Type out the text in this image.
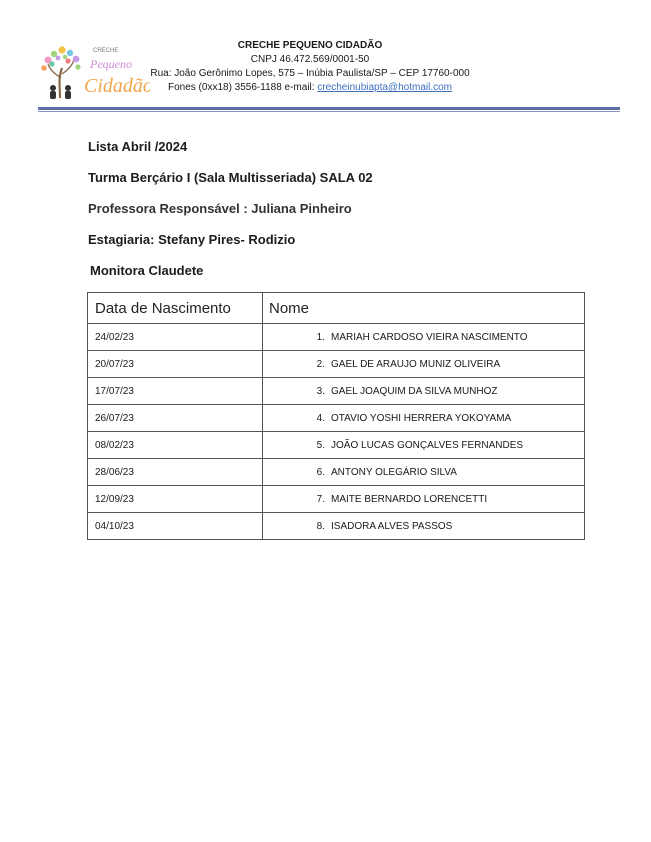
CRECHE
Pequeno
Cidadão
CRECHE PEQUENO CIDADÃO
CNPJ 46.472.569/0001-50
Rua: João Gerônimo Lopes, 575 – Inúbia Paulista/SP – CEP 17760-000
Fones (0xx18) 3556-1188 e-mail: crecheinubiapta@hotmail.com
Lista Abril /2024
Turma Berçário I (Sala Multisseriada) SALA 02
Professora Responsável : Juliana Pinheiro
Estagiaria: Stefany Pires- Rodizio
Monitora Claudete
Data de Nascimento	Nome
24/02/23	1. MARIAH CARDOSO VIEIRA NASCIMENTO
20/07/23	2. GAEL DE ARAUJO MUNIZ OLIVEIRA
17/07/23	3. GAEL JOAQUIM DA SILVA MUNHOZ
26/07/23	4. OTAVIO YOSHI HERRERA YOKOYAMA
08/02/23	5. JOÃO LUCAS GONÇALVES FERNANDES
28/06/23	6. ANTONY OLEGÁRIO SILVA
12/09/23	7. MAITE BERNARDO LORENCETTI
04/10/23	8. ISADORA ALVES PASSOS
